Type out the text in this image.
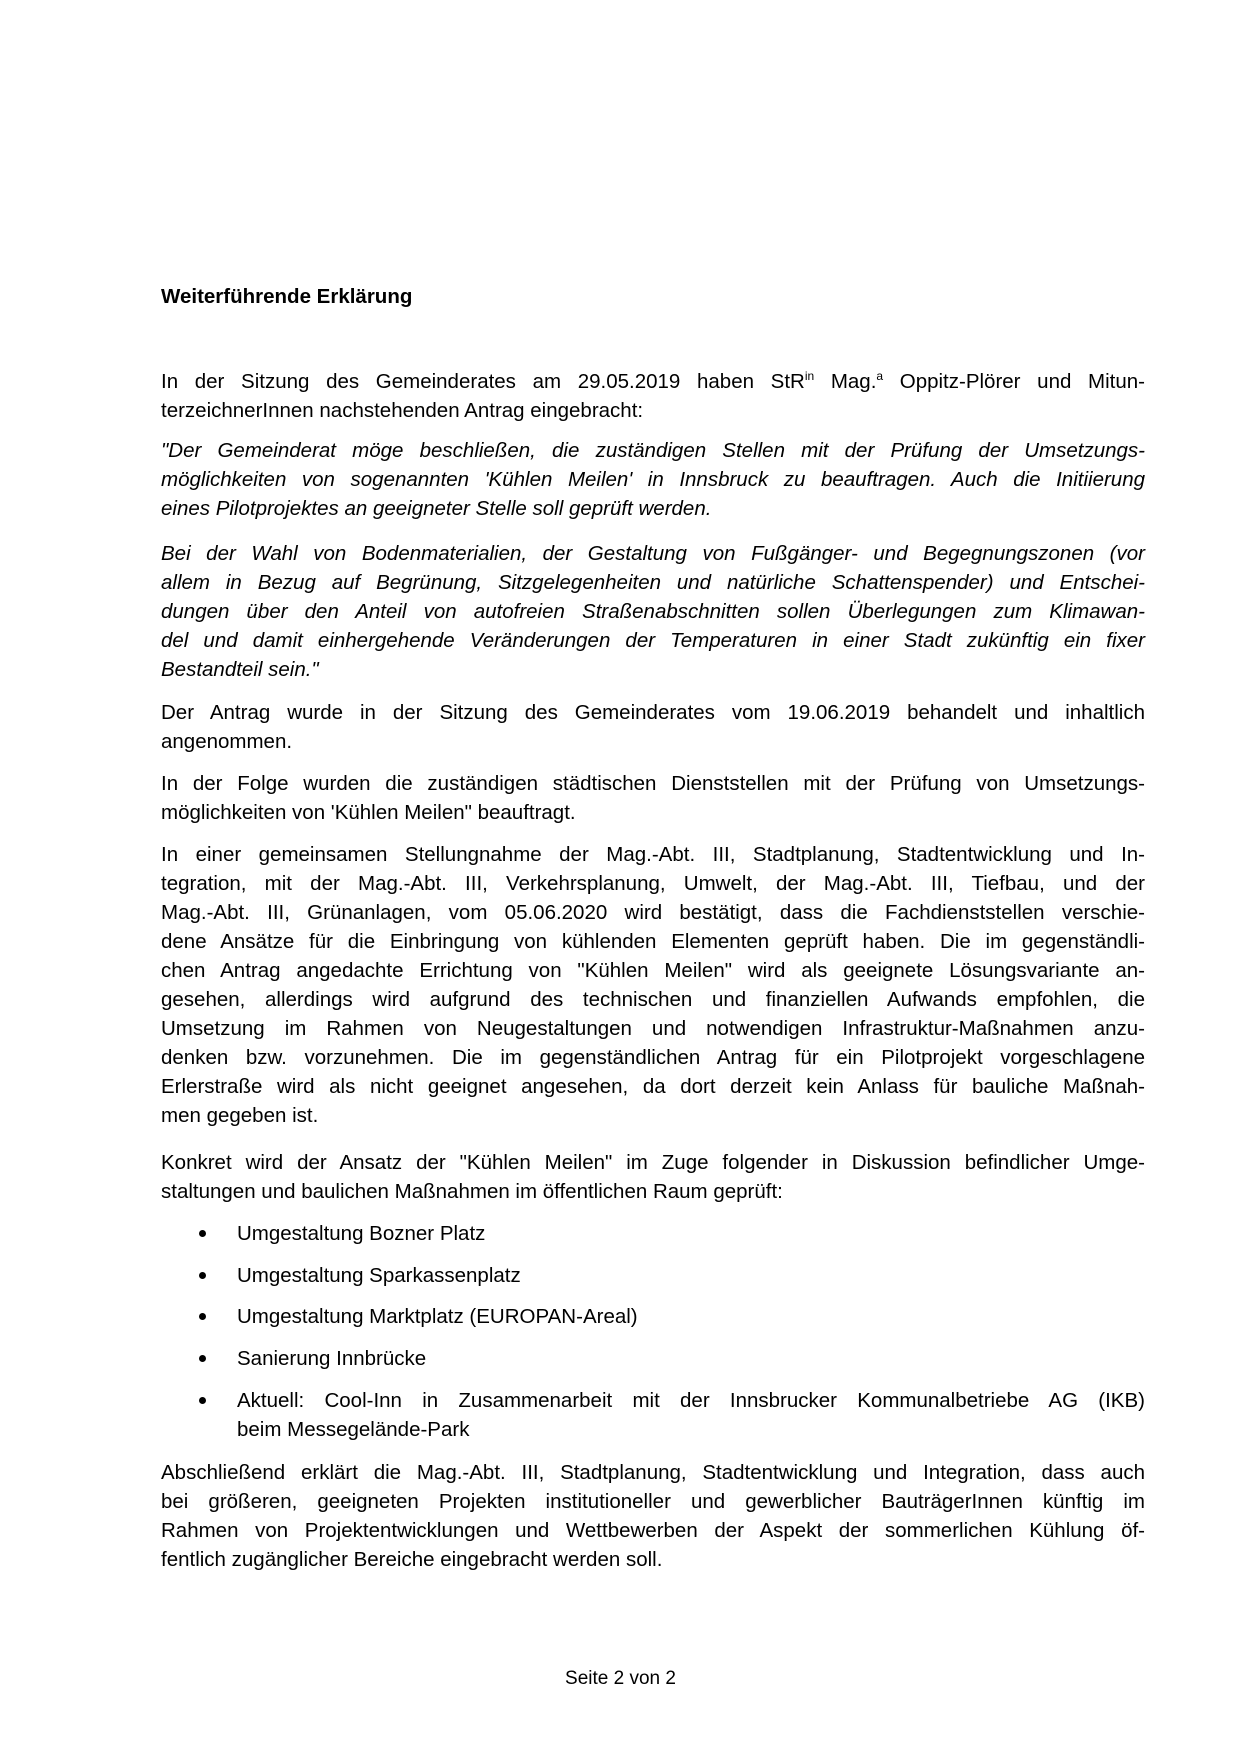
Weiterführende Erklärung
In der Sitzung des Gemeinderates am 29.05.2019 haben StR$^{in}$ Mag.$^a$ Oppitz-Plörer und Mitun-
terzeichnerInnen nachstehenden Antrag eingebracht:
"Der Gemeinderat möge beschließen, die zuständigen Stellen mit der Prüfung der Umsetzungs-
möglichkeiten von sogenannten 'Kühlen Meilen' in Innsbruck zu beauftragen. Auch die Initiierung
eines Pilotprojektes an geeigneter Stelle soll geprüft werden.
Bei der Wahl von Bodenmaterialien, der Gestaltung von Fußgänger- und Begegnungszonen (vor
allem in Bezug auf Begrünung, Sitzgelegenheiten und natürliche Schattenspender) und Entschei-
dungen über den Anteil von autofreien Straßenabschnitten sollen Überlegungen zum Klimawan-
del und damit einhergehende Veränderungen der Temperaturen in einer Stadt zukünftig ein fixer
Bestandteil sein."
Der Antrag wurde in der Sitzung des Gemeinderates vom 19.06.2019 behandelt und inhaltlich
angenommen.
In der Folge wurden die zuständigen städtischen Dienststellen mit der Prüfung von Umsetzungs-
möglichkeiten von 'Kühlen Meilen" beauftragt.
In einer gemeinsamen Stellungnahme der Mag.-Abt. III, Stadtplanung, Stadtentwicklung und In-
tegration, mit der Mag.-Abt. III, Verkehrsplanung, Umwelt, der Mag.-Abt. III, Tiefbau, und der
Mag.-Abt. III, Grünanlagen, vom 05.06.2020 wird bestätigt, dass die Fachdienststellen verschie-
dene Ansätze für die Einbringung von kühlenden Elementen geprüft haben. Die im gegenständli-
chen Antrag angedachte Errichtung von "Kühlen Meilen" wird als geeignete Lösungsvariante an-
gesehen, allerdings wird aufgrund des technischen und finanziellen Aufwands empfohlen, die
Umsetzung im Rahmen von Neugestaltungen und notwendigen Infrastruktur-Maßnahmen anzu-
denken bzw. vorzunehmen. Die im gegenständlichen Antrag für ein Pilotprojekt vorgeschlagene
Erlerstraße wird als nicht geeignet angesehen, da dort derzeit kein Anlass für bauliche Maßnah-
men gegeben ist.
Konkret wird der Ansatz der "Kühlen Meilen" im Zuge folgender in Diskussion befindlicher Umge-
staltungen und baulichen Maßnahmen im öffentlichen Raum geprüft:
Umgestaltung Bozner Platz
Umgestaltung Sparkassenplatz
Umgestaltung Marktplatz (EUROPAN-Areal)
Sanierung Innbrücke
Aktuell: Cool-Inn in Zusammenarbeit mit der Innsbrucker Kommunalbetriebe AG (IKB)
beim Messegelände-Park
Abschließend erklärt die Mag.-Abt. III, Stadtplanung, Stadtentwicklung und Integration, dass auch
bei größeren, geeigneten Projekten institutioneller und gewerblicher BauträgerInnen künftig im
Rahmen von Projektentwicklungen und Wettbewerben der Aspekt der sommerlichen Kühlung öf-
fentlich zugänglicher Bereiche eingebracht werden soll.
Seite 2 von 2
